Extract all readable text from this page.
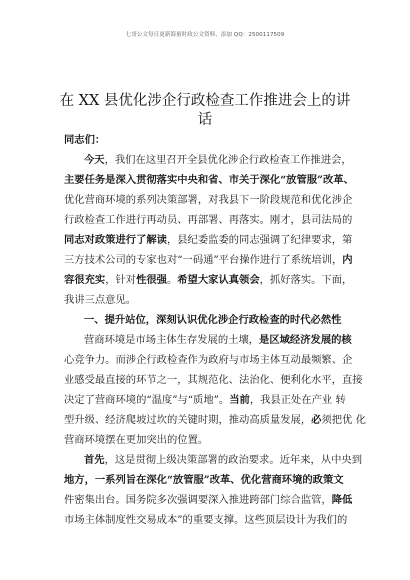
七哥公文每日更新海量时政公文资料，添加 QQ：2500117509
在 XX 县优化涉企行政检查工作推进会上的讲
话
同志们：
今天，我们在这里召开全县优化涉企行政检查工作推进会，
主要任务是深入贯彻落实中央和省、市关于深化“放管服”改革、
优化营商环境的系列决策部署，对我县下一阶段规范和优化涉企
行政检查工作进行再动员、再部署、再落实。刚才，县司法局的
同志对政策进行了解读，县纪委监委的同志强调了纪律要求，第
三方技术公司的专家也对“一码通”平台操作进行了系统培训，内
容很充实，针对性很强。希望大家认真领会，抓好落实。下面，
我讲三点意见。
一、提升站位，深刻认识优化涉企行政检查的时代必然性
营商环境是市场主体生存发展的土壤，是区域经济发展的核
心竞争力。而涉企行政检查作为政府与市场主体互动最频繁、企
业感受最直接的环节之一，其规范化、法治化、便利化水平，直接
决定了营商环境的“温度”与“质地”。当前，我县正处在产业 转
型升级、经济爬坡过坎的关键时期，推动高质量发展，必须把优 化
营商环境摆在更加突出的位置。
首先，这是贯彻上级决策部署的政治要求。近年来，从中央到
地方，一系列旨在深化“放管服”改革、优化营商环境的政策文
件密集出台。国务院多次强调要深入推进跨部门综合监管，降低
市场主体制度性交易成本”的重要支撑。这些顶层设计为我们的
